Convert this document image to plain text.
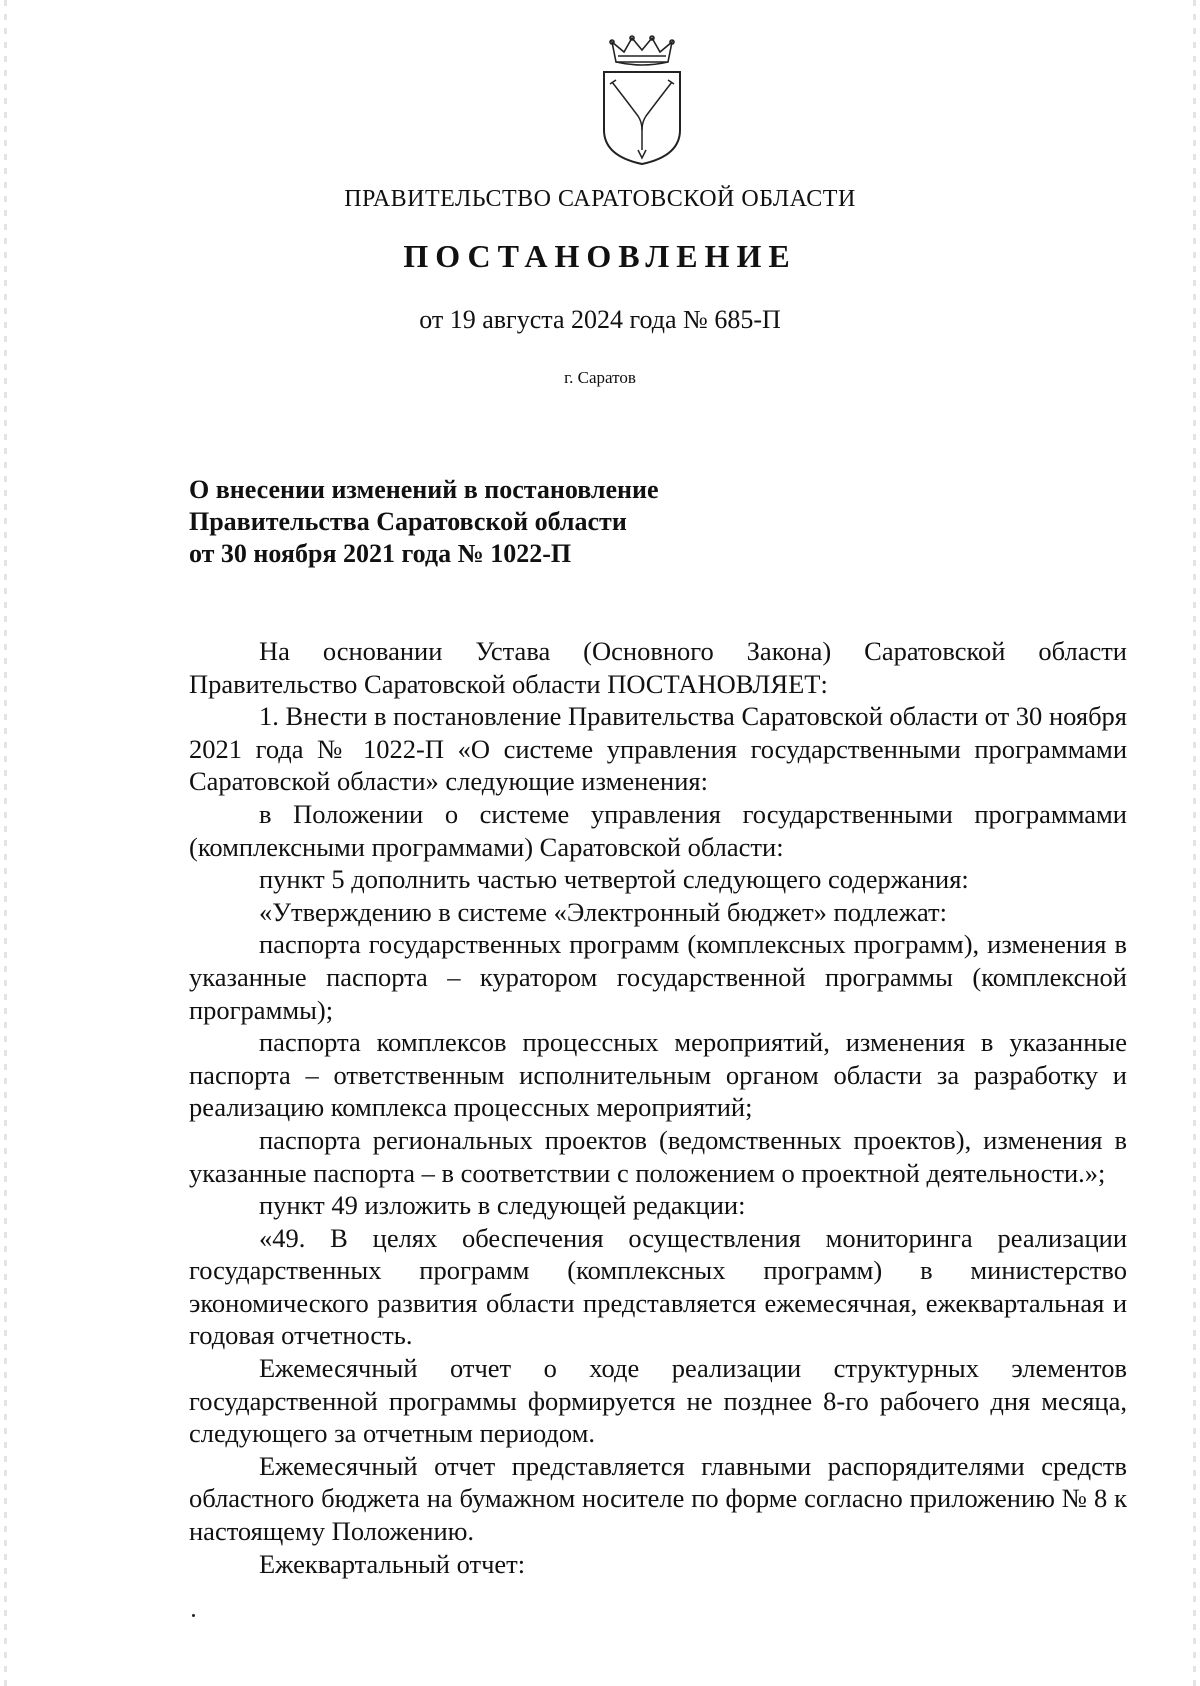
ПРАВИТЕЛЬСТВО САРАТОВСКОЙ ОБЛАСТИ
ПОСТАНОВЛЕНИЕ
от 19 августа 2024 года № 685-П
г. Саратов
О внесении изменений в постановление
Правительства Саратовской области
от 30 ноября 2021 года № 1022-П

На основании Устава (Основного Закона) Саратовской области Правительство Саратовской области ПОСТАНОВЛЯЕТ:

1. Внести в постановление Правительства Саратовской области от 30 ноября 2021 года № 1022-П «О системе управления государственными программами Саратовской области» следующие изменения:

в Положении о системе управления государственными программами (комплексными программами) Саратовской области:

пункт 5 дополнить частью четвертой следующего содержания:

«Утверждению в системе «Электронный бюджет» подлежат:

паспорта государственных программ (комплексных программ), изменения в указанные паспорта – куратором государственной программы (комплексной программы);

паспорта комплексов процессных мероприятий, изменения в указанные паспорта – ответственным исполнительным органом области за разработку и реализацию комплекса процессных мероприятий;

паспорта региональных проектов (ведомственных проектов), изменения в указанные паспорта – в соответствии с положением о проектной деятельности.»;

пункт 49 изложить в следующей редакции:

«49. В целях обеспечения осуществления мониторинга реализации государственных программ (комплексных программ) в министерство экономического развития области представляется ежемесячная, ежеквартальная и годовая отчетность.

Ежемесячный отчет о ходе реализации структурных элементов государственной программы формируется не позднее 8-го рабочего дня месяца, следующего за отчетным периодом.

Ежемесячный отчет представляется главными распорядителями средств областного бюджета на бумажном носителе по форме согласно приложению № 8 к настоящему Положению.

Ежеквартальный отчет:
